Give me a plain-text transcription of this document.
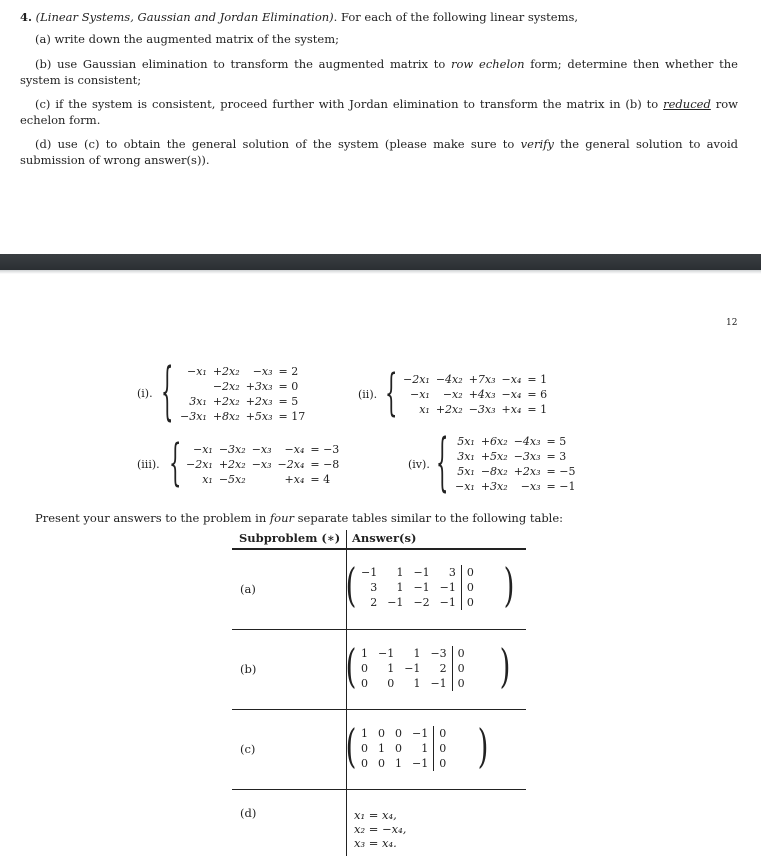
4. (Linear Systems, Gaussian and Jordan Elimination). For each of the following linear systems,
(a) write down the augmented matrix of the system;
(b) use Gaussian elimination to transform the augmented matrix to row echelon form; determine then whether the system is consistent;
(c) if the system is consistent, proceed further with Jordan elimination to transform the matrix in (b) to reduced row echelon form.
(d) use (c) to obtain the general solution of the system (please make sure to verify the general solution to avoid submission of wrong answer(s)).
12
(i). { −x₁	+2x₂	−x₃	= 2
	−2x₂	+3x₃	= 0
3x₁	+2x₂	+2x₃	= 5
−3x₁	+8x₂	+5x₃	= 17
(ii). { −2x₁	−4x₂	+7x₃	−x₄	= 1
−x₁	−x₂	+4x₃	−x₄	= 6
x₁	+2x₂	−3x₃	+x₄	= 1
(iii). { −x₁	−3x₂	−x₃	−x₄	= −3
−2x₁	+2x₂	−x₃	−2x₄	= −8
x₁	−5x₂		+x₄	= 4
(iv). { 5x₁	+6x₂	−4x₃	= 5
3x₁	+5x₂	−3x₃	= 3
5x₁	−8x₂	+2x₃	= −5
−x₁	+3x₂	−x₃	= −1
Present your answers to the problem in four separate tables similar to the following table:
Subproblem (∗) Answer(s)
(a) ( −1	1	−1	3	0
3	1	−1	−1	0
2	−1	−2	−1	0 )
(b) ( 1	−1	1	−3	0
0	1	−1	2	0
0	0	1	−1	0 )
(c) ( 1	0	0	−1	0
0	1	0	1	0
0	0	1	−1	0 )
(d)	x₁ = x₄,
x₂ = −x₄,
x₃ = x₄.
